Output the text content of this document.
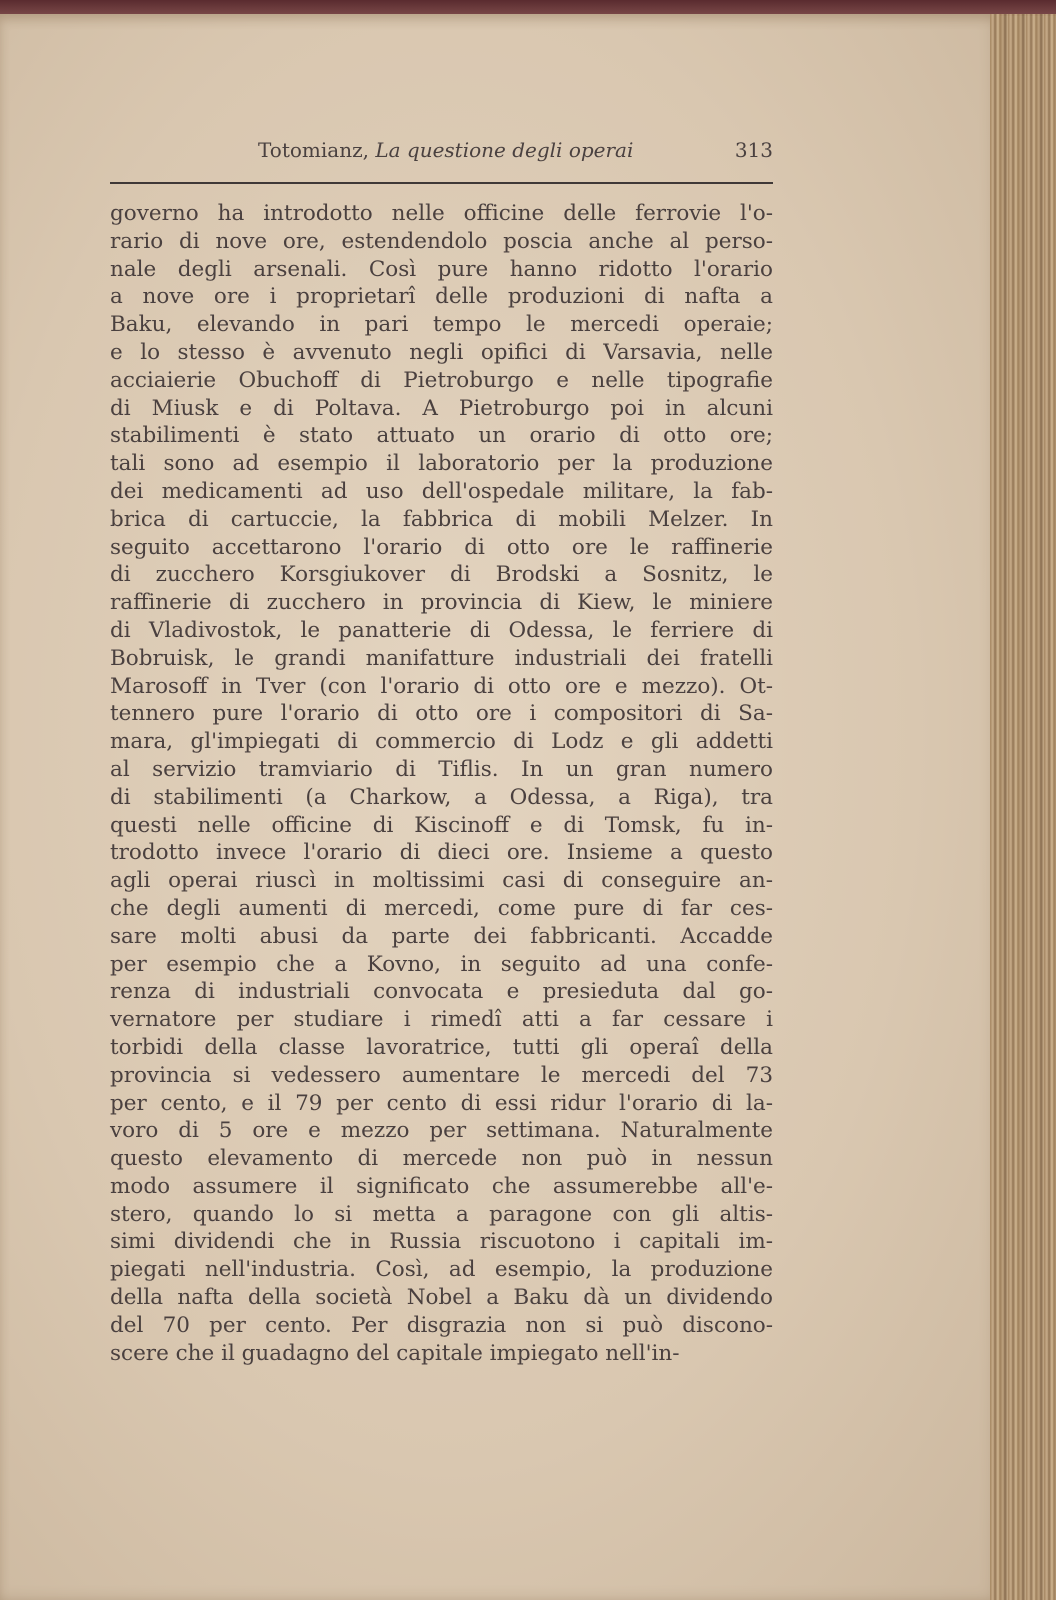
Totomianz, La questione degli operai	313
governo ha introdotto nelle officine delle ferrovie l'o-
rario di nove ore, estendendolo poscia anche al perso-
nale degli arsenali. Così pure hanno ridotto l'orario
a nove ore i proprietarî delle produzioni di nafta a
Baku, elevando in pari tempo le mercedi operaie;
e lo stesso è avvenuto negli opifici di Varsavia, nelle
acciaierie Obuchoff di Pietroburgo e nelle tipografie
di Miusk e di Poltava. A Pietroburgo poi in alcuni
stabilimenti è stato attuato un orario di otto ore;
tali sono ad esempio il laboratorio per la produzione
dei medicamenti ad uso dell'ospedale militare, la fab-
brica di cartuccie, la fabbrica di mobili Melzer. In
seguito accettarono l'orario di otto ore le raffinerie
di zucchero Korsgiukover di Brodski a Sosnitz, le
raffinerie di zucchero in provincia di Kiew, le miniere
di Vladivostok, le panatterie di Odessa, le ferriere di
Bobruisk, le grandi manifatture industriali dei fratelli
Marosoff in Tver (con l'orario di otto ore e mezzo). Ot-
tennero pure l'orario di otto ore i compositori di Sa-
mara, gl'impiegati di commercio di Lodz e gli addetti
al servizio tramviario di Tiflis. In un gran numero
di stabilimenti (a Charkow, a Odessa, a Riga), tra
questi nelle officine di Kiscinoff e di Tomsk, fu in-
trodotto invece l'orario di dieci ore. Insieme a questo
agli operai riuscì in moltissimi casi di conseguire an-
che degli aumenti di mercedi, come pure di far ces-
sare molti abusi da parte dei fabbricanti. Accadde
per esempio che a Kovno, in seguito ad una confe-
renza di industriali convocata e presieduta dal go-
vernatore per studiare i rimedî atti a far cessare i
torbidi della classe lavoratrice, tutti gli operaî della
provincia si vedessero aumentare le mercedi del 73
per cento, e il 79 per cento di essi ridur l'orario di la-
voro di 5 ore e mezzo per settimana. Naturalmente
questo elevamento di mercede non può in nessun
modo assumere il significato che assumerebbe all'e-
stero, quando lo si metta a paragone con gli altis-
simi dividendi che in Russia riscuotono i capitali im-
piegati nell'industria. Così, ad esempio, la produzione
della nafta della società Nobel a Baku dà un dividendo
del 70 per cento. Per disgrazia non si può discono-
scere che il guadagno del capitale impiegato nell'in-
